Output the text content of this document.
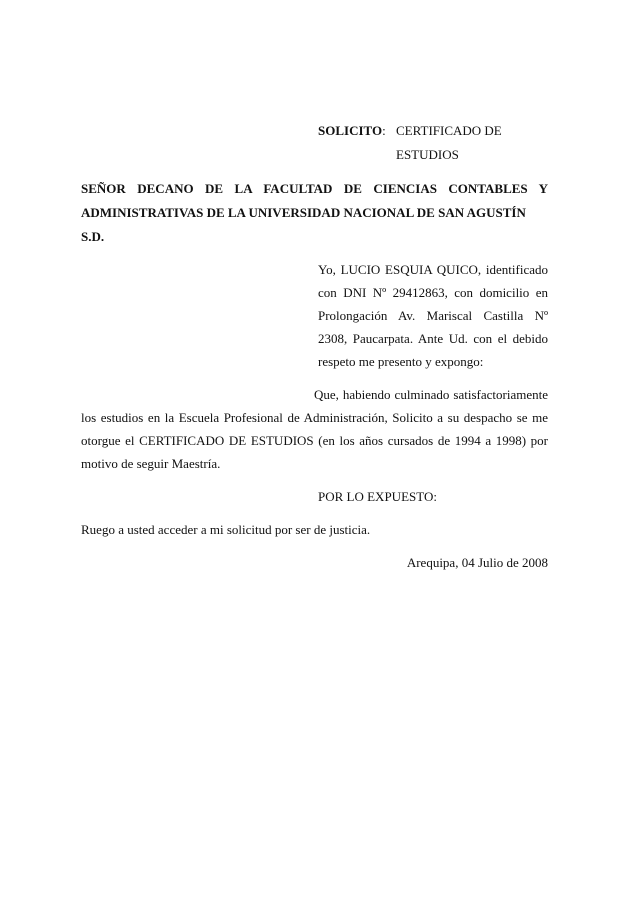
SOLICITO: CERTIFICADO DE
ESTUDIOS
SEÑOR DECANO DE LA FACULTAD DE CIENCIAS CONTABLES Y
ADMINISTRATIVAS DE LA UNIVERSIDAD NACIONAL DE SAN AGUSTÍN
S.D.
Yo, LUCIO ESQUIA QUICO, identificado
con DNI Nº 29412863, con domicilio en
Prolongación Av. Mariscal Castilla Nº
2308, Paucarpata. Ante Ud. con el debido
respeto me presento y expongo:
Que, habiendo culminado satisfactoriamente
los estudios en la Escuela Profesional de Administración, Solicito a su despacho se me
otorgue el CERTIFICADO DE ESTUDIOS (en los años cursados de 1994 a 1998) por
motivo de seguir Maestría.
POR LO EXPUESTO:
Ruego a usted acceder a mi solicitud por ser de justicia.
Arequipa, 04 Julio de 2008
